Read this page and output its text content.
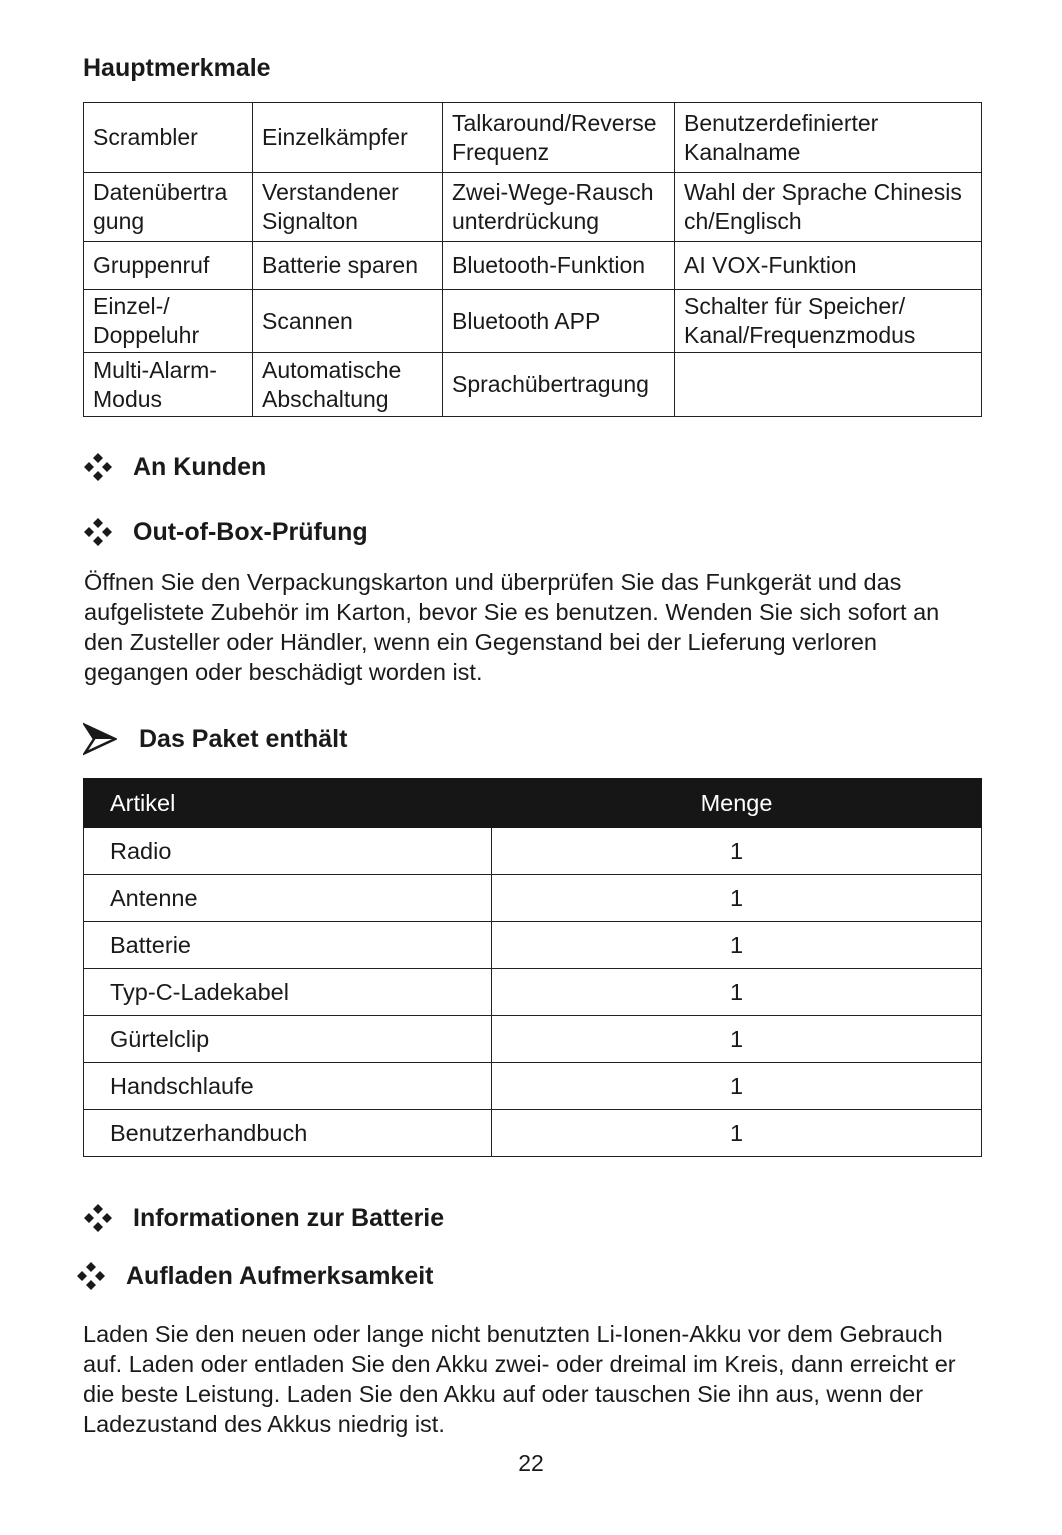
Hauptmerkmale
Scrambler	Einzelkämpfer	Talkaround/Reverse Frequenz	Benutzerdefinierter Kanalname
Datenübertra gung	Verstandener Signalton	Zwei-Wege-Rausch unterdrückung	Wahl der Sprache Chinesis ch/Englisch
Gruppenruf	Batterie sparen	Bluetooth-Funktion	AI VOX-Funktion
Einzel-/ Doppeluhr	Scannen	Bluetooth APP	Schalter für Speicher/ Kanal/Frequenzmodus
Multi-Alarm- Modus	Automatische Abschaltung	Sprachübertragung	
An Kunden
Out-of-Box-Prüfung

Öffnen Sie den Verpackungskarton und überprüfen Sie das Funkgerät und das aufgelistete Zubehör im Karton, bevor Sie es benutzen. Wenden Sie sich sofort an den Zusteller oder Händler, wenn ein Gegenstand bei der Lieferung verloren gegangen oder beschädigt worden ist.

Das Paket enthält
Artikel	Menge
Radio	1
Antenne	1
Batterie	1
Typ-C-Ladekabel	1
Gürtelclip	1
Handschlaufe	1
Benutzerhandbuch	1
Informationen zur Batterie
Aufladen Aufmerksamkeit

Laden Sie den neuen oder lange nicht benutzten Li-Ionen-Akku vor dem Gebrauch auf. Laden oder entladen Sie den Akku zwei- oder dreimal im Kreis, dann erreicht er die beste Leistung. Laden Sie den Akku auf oder tauschen Sie ihn aus, wenn der Ladezustand des Akkus niedrig ist.

22
